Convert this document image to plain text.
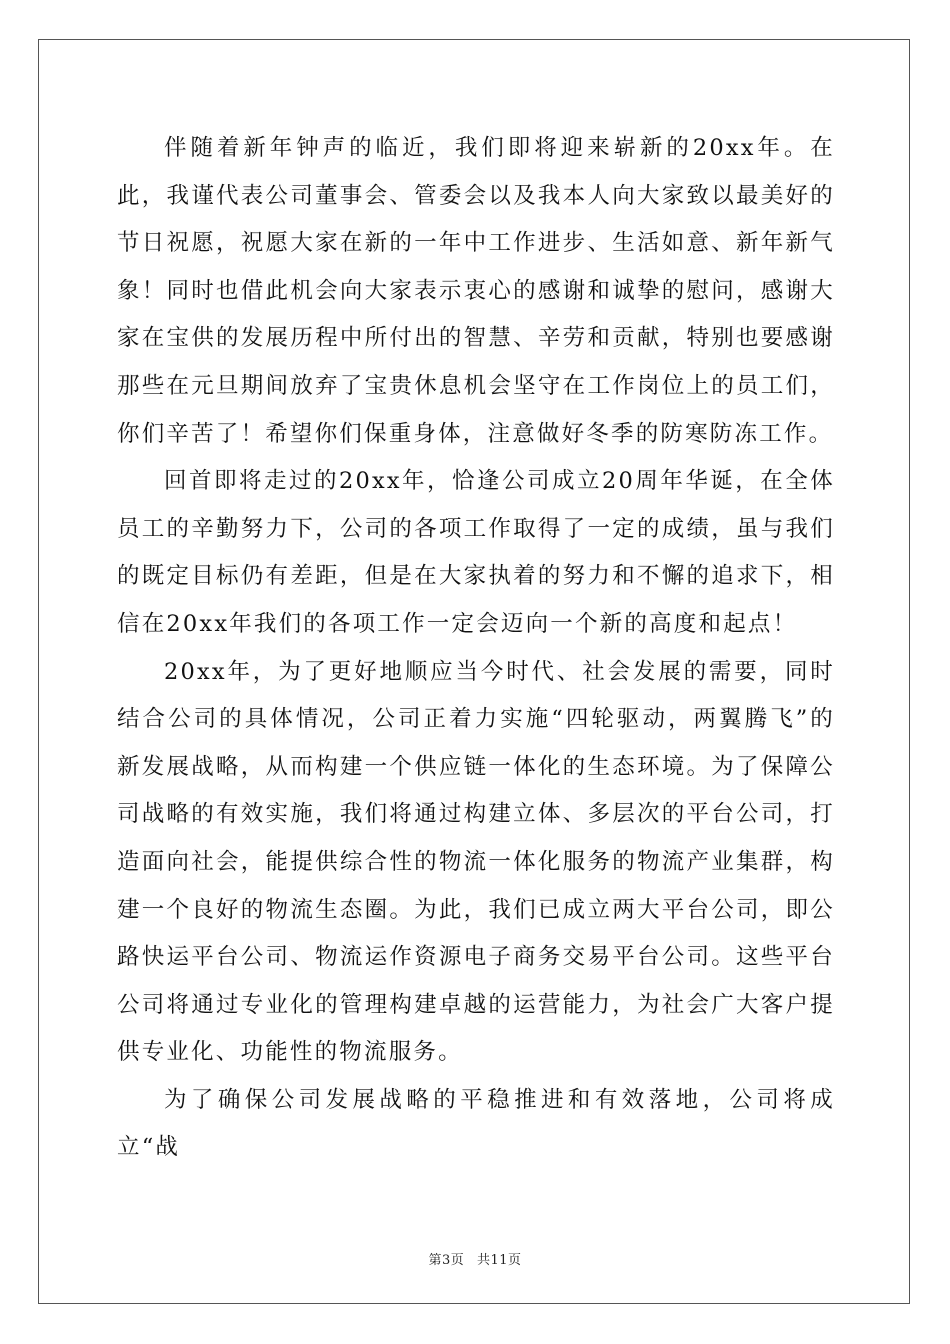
伴随着新年钟声的临近，我们即将迎来崭新的20xx年。在此，我谨代表公司董事会、管委会以及我本人向大家致以最美好的节日祝愿，祝愿大家在新的一年中工作进步、生活如意、新年新气象！同时也借此机会向大家表示衷心的感谢和诚挚的慰问，感谢大家在宝供的发展历程中所付出的智慧、辛劳和贡献，特别也要感谢那些在元旦期间放弃了宝贵休息机会坚守在工作岗位上的员工们，你们辛苦了！希望你们保重身体，注意做好冬季的防寒防冻工作。

回首即将走过的20xx年，恰逢公司成立20周年华诞，在全体员工的辛勤努力下，公司的各项工作取得了一定的成绩，虽与我们的既定目标仍有差距，但是在大家执着的努力和不懈的追求下，相信在20xx年我们的各项工作一定会迈向一个新的高度和起点！

20xx年，为了更好地顺应当今时代、社会发展的需要，同时结合公司的具体情况，公司正着力实施“四轮驱动，两翼腾飞”的新发展战略，从而构建一个供应链一体化的生态环境。为了保障公司战略的有效实施，我们将通过构建立体、多层次的平台公司，打造面向社会，能提供综合性的物流一体化服务的物流产业集群，构建一个良好的物流生态圈。为此，我们已成立两大平台公司，即公路快运平台公司、物流运作资源电子商务交易平台公司。这些平台公司将通过专业化的管理构建卓越的运营能力，为社会广大客户提供专业化、功能性的物流服务。

为了确保公司发展战略的平稳推进和有效落地，公司将成立“战

第3页 共11页
